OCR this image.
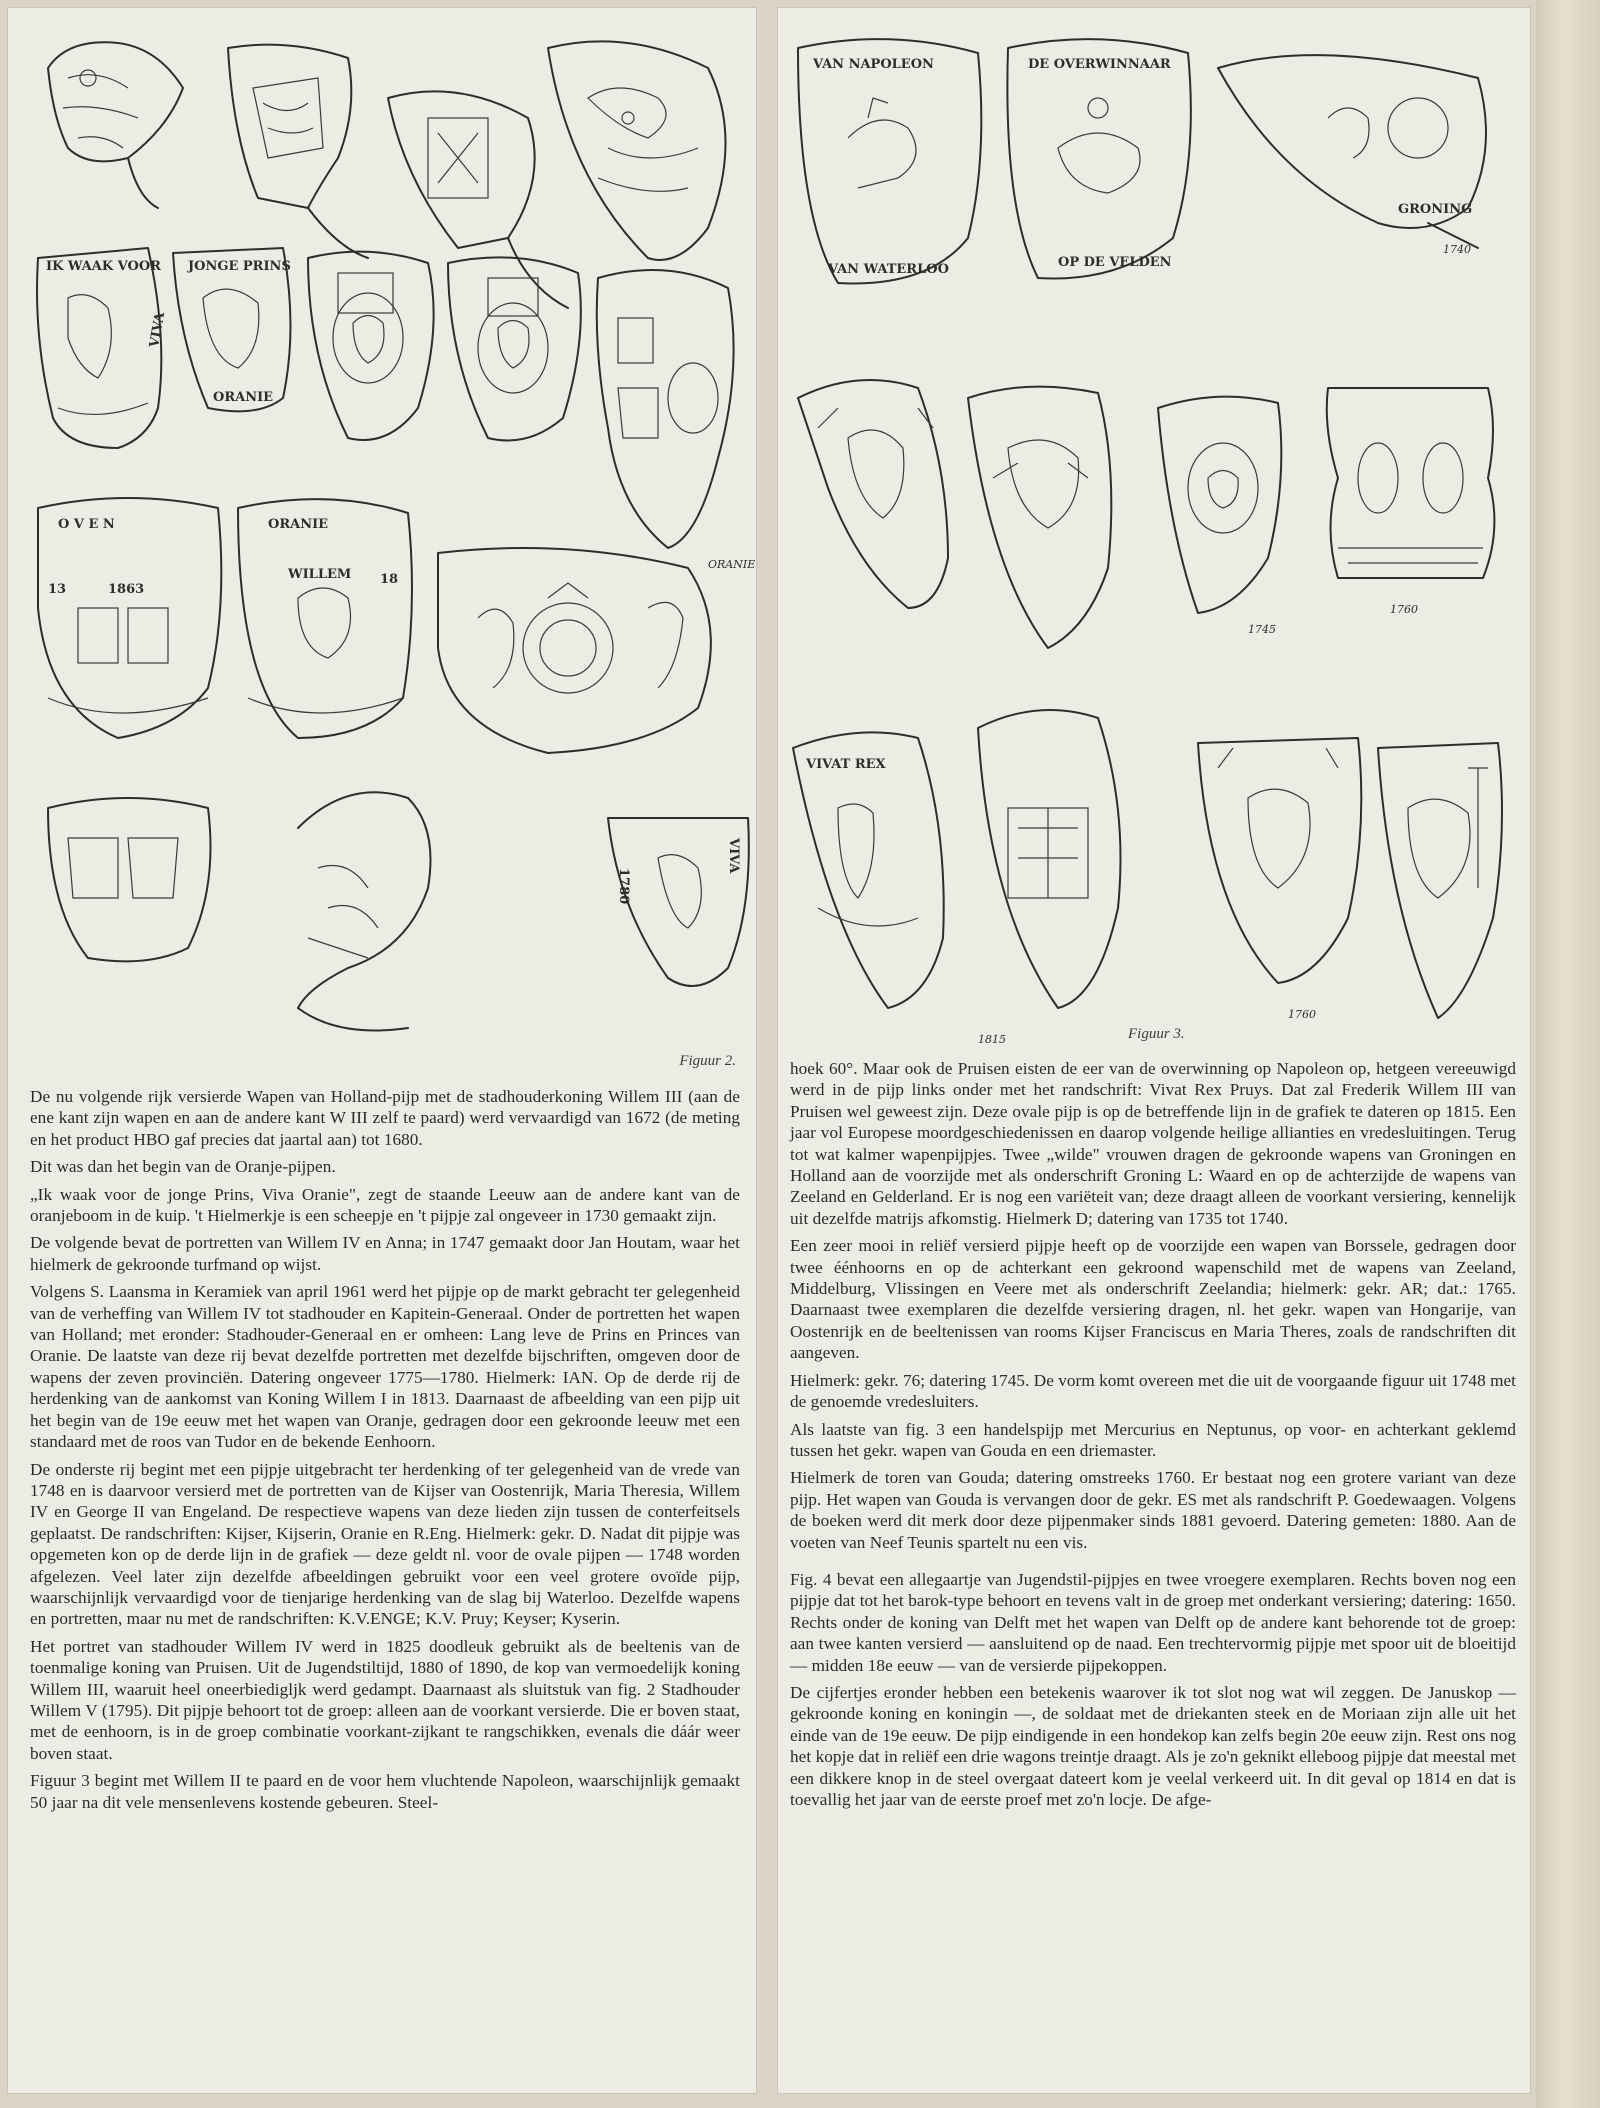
IK WAAK VOOR JONGE PRINS
VIVA
ORANIE
ORANIE
O V E N
1863
13
ORANIE
WILLEM 18
1780
VIVA
Figuur 2.

De nu volgende rijk versierde Wapen van Holland-pijp met de stadhouderkoning Willem III (aan de ene kant zijn wapen en aan de andere kant W III zelf te paard) werd vervaardigd van 1672 (de meting en het product HBO gaf precies dat jaartal aan) tot 1680.

Dit was dan het begin van de Oranje-pijpen.

„Ik waak voor de jonge Prins, Viva Oranie", zegt de staande Leeuw aan de andere kant van de oranjeboom in de kuip. 't Hielmerkje is een scheepje en 't pijpje zal ongeveer in 1730 gemaakt zijn.

De volgende bevat de portretten van Willem IV en Anna; in 1747 gemaakt door Jan Houtam, waar het hielmerk de gekroonde turfmand op wijst.

Volgens S. Laansma in Keramiek van april 1961 werd het pijpje op de markt gebracht ter gelegenheid van de verheffing van Willem IV tot stadhouder en Kapitein-Generaal. Onder de portretten het wapen van Holland; met eronder: Stadhouder-Generaal en er omheen: Lang leve de Prins en Princes van Oranie. De laatste van deze rij bevat dezelfde portretten met dezelfde bijschriften, omgeven door de wapens der zeven provinciën. Datering ongeveer 1775—1780. Hielmerk: IAN. Op de derde rij de herdenking van de aankomst van Koning Willem I in 1813. Daarnaast de afbeelding van een pijp uit het begin van de 19e eeuw met het wapen van Oranje, gedragen door een gekroonde leeuw met een standaard met de roos van Tudor en de bekende Eenhoorn.

De onderste rij begint met een pijpje uitgebracht ter herdenking of ter gelegenheid van de vrede van 1748 en is daarvoor versierd met de portretten van de Kijser van Oostenrijk, Maria Theresia, Willem IV en George II van Engeland. De respectieve wapens van deze lieden zijn tussen de conterfeitsels geplaatst. De randschriften: Kijser, Kijserin, Oranie en R.Eng. Hielmerk: gekr. D. Nadat dit pijpje was opgemeten kon op de derde lijn in de grafiek — deze geldt nl. voor de ovale pijpen — 1748 worden afgelezen. Veel later zijn dezelfde afbeeldingen gebruikt voor een veel grotere ovoïde pijp, waarschijnlijk vervaardigd voor de tienjarige herdenking van de slag bij Waterloo. Dezelfde wapens en portretten, maar nu met de randschriften: K.V.ENGE; K.V. Pruy; Keyser; Kyserin.

Het portret van stadhouder Willem IV werd in 1825 doodleuk gebruikt als de beeltenis van de toenmalige koning van Pruisen. Uit de Jugendstiltijd, 1880 of 1890, de kop van vermoedelijk koning Willem III, waaruit heel oneerbiedigljk werd gedampt. Daarnaast als sluitstuk van fig. 2 Stadhouder Willem V (1795). Dit pijpje behoort tot de groep: alleen aan de voorkant versierde. Die er boven staat, met de eenhoorn, is in de groep combinatie voorkant-zijkant te rangschikken, evenals die dáár weer boven staat.

Figuur 3 begint met Willem II te paard en de voor hem vluchtende Napoleon, waarschijnlijk gemaakt 50 jaar na dit vele mensenlevens kostende gebeuren. Steel-

VAN NAPOLEON
VAN WATERLOO
DE OVERWINNAAR
OP DE VELDEN
GRONING
1740
1745
1760
VIVAT REX
1815
1760
Figuur 3.

hoek 60°. Maar ook de Pruisen eisten de eer van de overwinning op Napoleon op, hetgeen vereeuwigd werd in de pijp links onder met het randschrift: Vivat Rex Pruys. Dat zal Frederik Willem III van Pruisen wel geweest zijn. Deze ovale pijp is op de betreffende lijn in de grafiek te dateren op 1815. Een jaar vol Europese moordgeschiedenissen en daarop volgende heilige allianties en vredesluitingen. Terug tot wat kalmer wapenpijpjes. Twee „wilde" vrouwen dragen de gekroonde wapens van Groningen en Holland aan de voorzijde met als onderschrift Groning L: Waard en op de achterzijde de wapens van Zeeland en Gelderland. Er is nog een variëteit van; deze draagt alleen de voorkant versiering, kennelijk uit dezelfde matrijs afkomstig. Hielmerk D; datering van 1735 tot 1740.

Een zeer mooi in reliëf versierd pijpje heeft op de voorzijde een wapen van Borssele, gedragen door twee éénhoorns en op de achterkant een gekroond wapenschild met de wapens van Zeeland, Middelburg, Vlissingen en Veere met als onderschrift Zeelandia; hielmerk: gekr. AR; dat.: 1765. Daarnaast twee exemplaren die dezelfde versiering dragen, nl. het gekr. wapen van Hongarije, van Oostenrijk en de beeltenissen van rooms Kijser Franciscus en Maria Theres, zoals de randschriften dit aangeven.

Hielmerk: gekr. 76; datering 1745. De vorm komt overeen met die uit de voorgaande figuur uit 1748 met de genoemde vredesluiters.

Als laatste van fig. 3 een handelspijp met Mercurius en Neptunus, op voor- en achterkant geklemd tussen het gekr. wapen van Gouda en een driemaster.

Hielmerk de toren van Gouda; datering omstreeks 1760. Er bestaat nog een grotere variant van deze pijp. Het wapen van Gouda is vervangen door de gekr. ES met als randschrift P. Goedewaagen. Volgens de boeken werd dit merk door deze pijpenmaker sinds 1881 gevoerd. Datering gemeten: 1880. Aan de voeten van Neef Teunis spartelt nu een vis.

Fig. 4 bevat een allegaartje van Jugendstil-pijpjes en twee vroegere exemplaren. Rechts boven nog een pijpje dat tot het barok-type behoort en tevens valt in de groep met onderkant versiering; datering: 1650. Rechts onder de koning van Delft met het wapen van Delft op de andere kant behorende tot de groep: aan twee kanten versierd — aansluitend op de naad. Een trechtervormig pijpje met spoor uit de bloeitijd — midden 18e eeuw — van de versierde pijpekoppen.

De cijfertjes eronder hebben een betekenis waarover ik tot slot nog wat wil zeggen. De Januskop — gekroonde koning en koningin —, de soldaat met de driekanten steek en de Moriaan zijn alle uit het einde van de 19e eeuw. De pijp eindigende in een hondekop kan zelfs begin 20e eeuw zijn. Rest ons nog het kopje dat in reliëf een drie wagons treintje draagt. Als je zo'n geknikt elleboog pijpje dat meestal met een dikkere knop in de steel overgaat dateert kom je veelal verkeerd uit. In dit geval op 1814 en dat is toevallig het jaar van de eerste proef met zo'n locje. De afge-
